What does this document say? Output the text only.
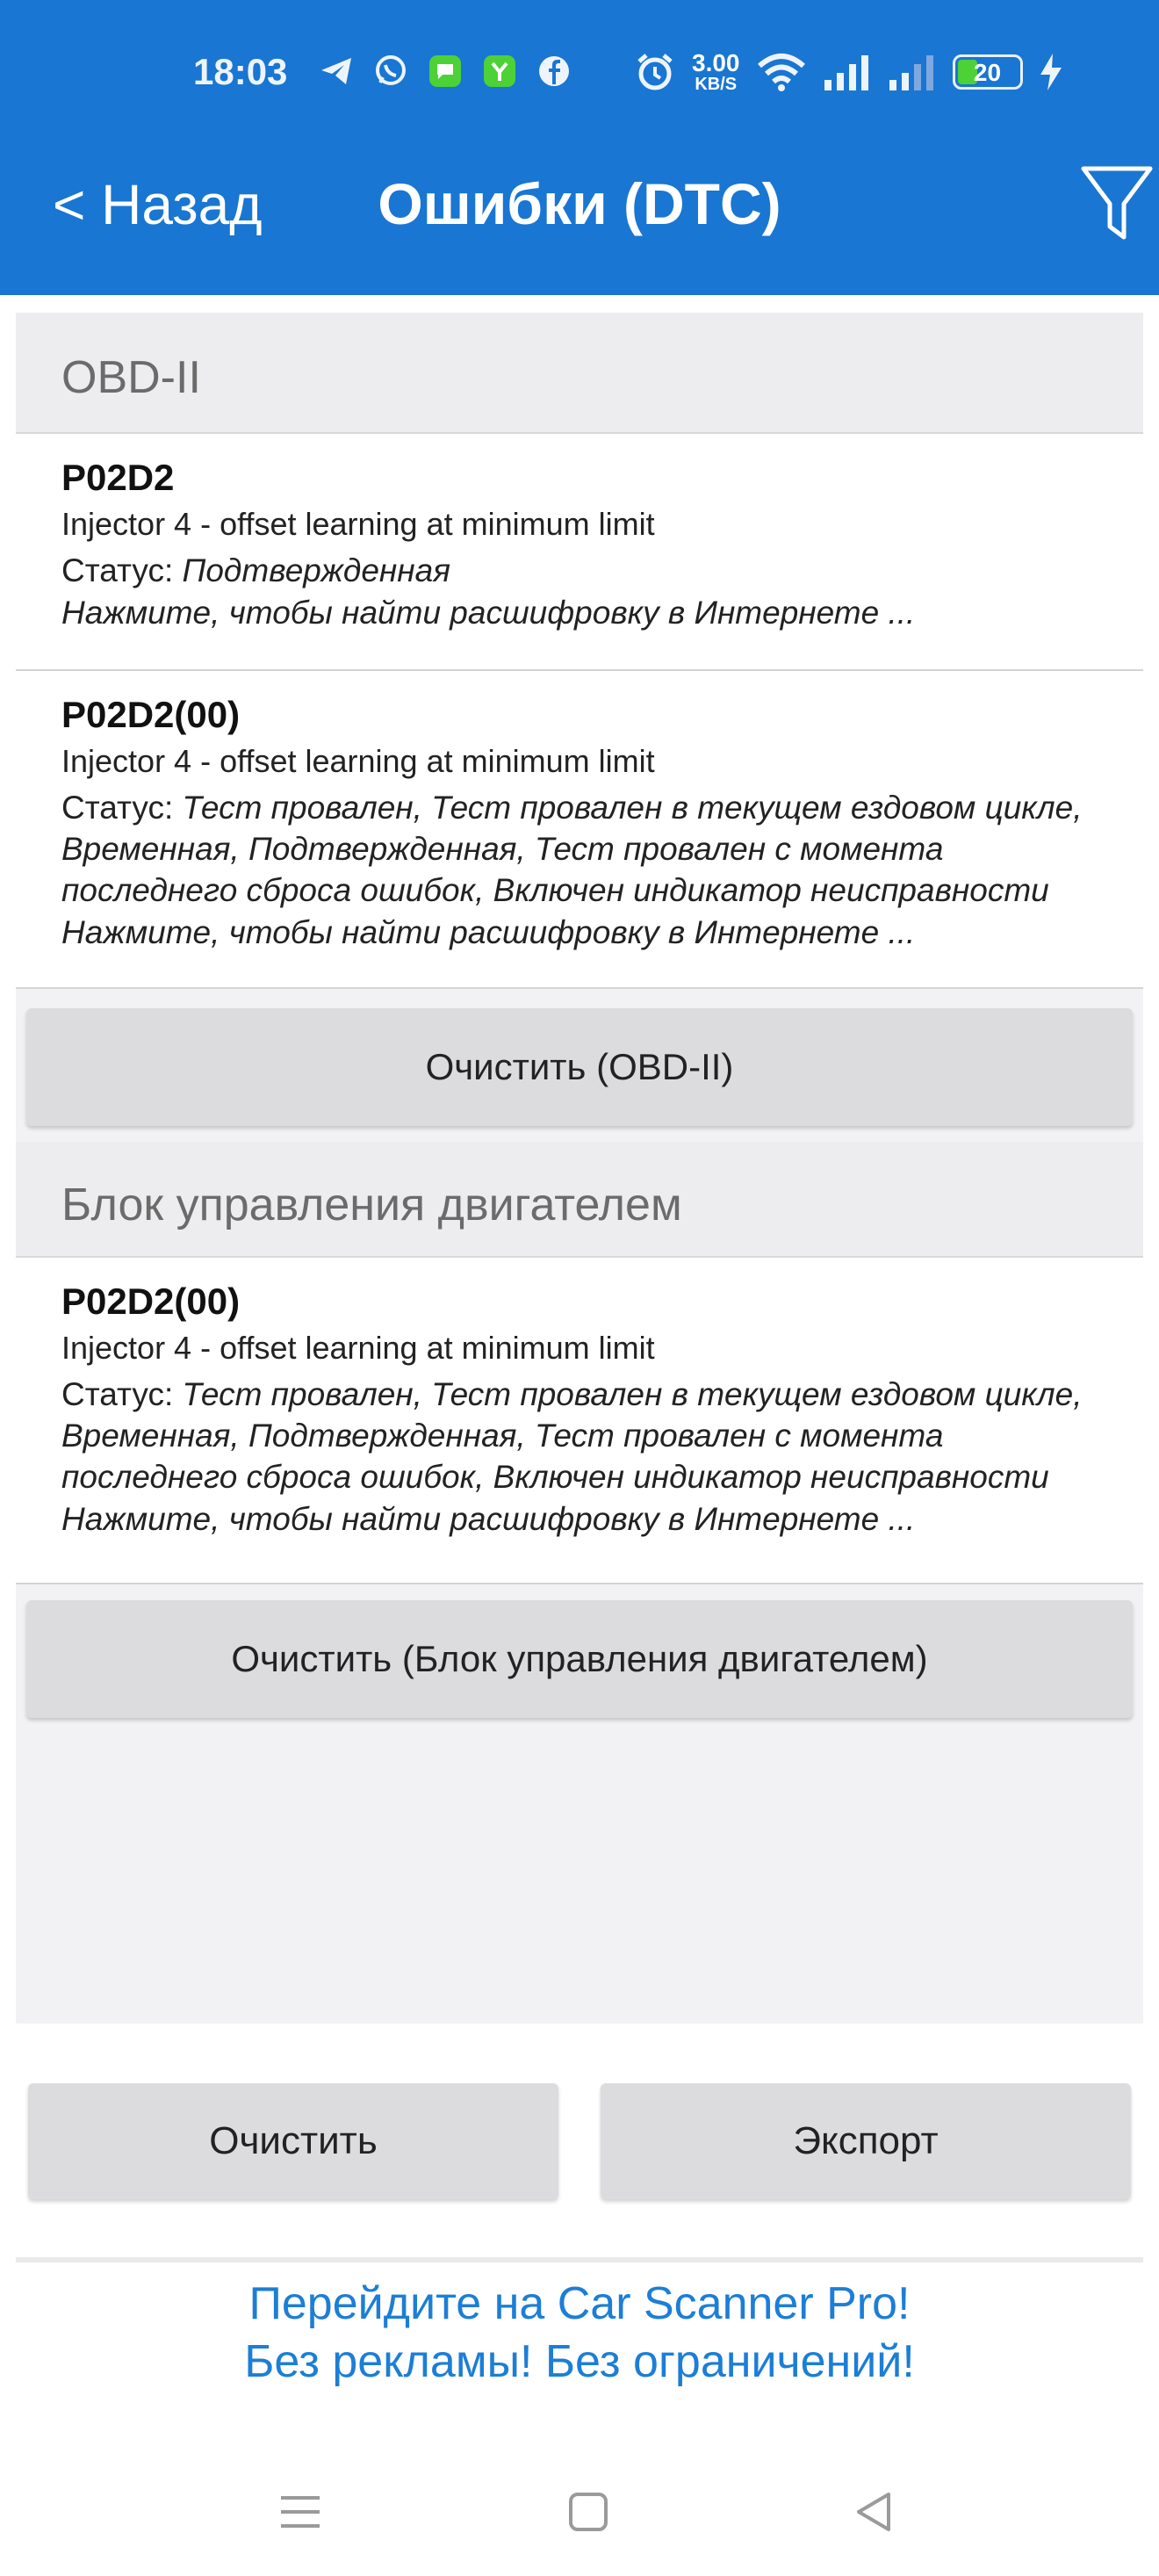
18:03	3.00
KB/S	20
< Назад	Ошибки (DTC)
OBD-II
P02D2
Injector 4 - offset learning at minimum limit
Статус: Подтвержденная
Нажмите, чтобы найти расшифровку в Интернете ...
P02D2(00)
Injector 4 - offset learning at minimum limit
Статус: Тест провален, Тест провален в текущем ездовом цикле, Временная, Подтвержденная, Тест провален с момента последнего сброса ошибок, Включен индикатор неисправности
Нажмите, чтобы найти расшифровку в Интернете ...
Очистить (OBD-II)
Блок управления двигателем
P02D2(00)
Injector 4 - offset learning at minimum limit
Статус: Тест провален, Тест провален в текущем ездовом цикле, Временная, Подтвержденная, Тест провален с момента последнего сброса ошибок, Включен индикатор неисправности
Нажмите, чтобы найти расшифровку в Интернете ...
Очистить (Блок управления двигателем)
Очистить	Экспорт
Перейдите на Car Scanner Pro!
Без рекламы! Без ограничений!
